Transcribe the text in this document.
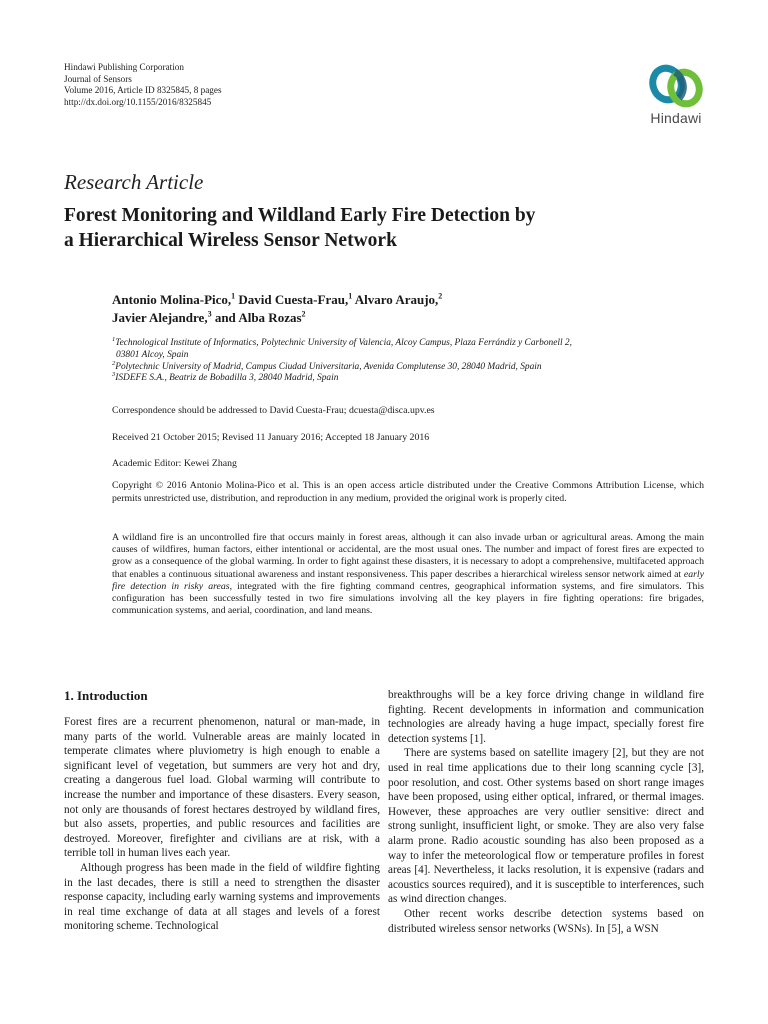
Hindawi Publishing Corporation
Journal of Sensors
Volume 2016, Article ID 8325845, 8 pages
http://dx.doi.org/10.1155/2016/8325845
Hindawi
Research Article
Forest Monitoring and Wildland Early Fire Detection by
a Hierarchical Wireless Sensor Network
Antonio Molina-Pico,$^1$ David Cuesta-Frau,$^1$ Alvaro Araujo,$^2$
Javier Alejandre,$^3$ and Alba Rozas$^2$

$^1$Technological Institute of Informatics, Polytechnic University of Valencia, Alcoy Campus, Plaza Ferrándiz y Carbonell 2,
03801 Alcoy, Spain

$^2$Polytechnic University of Madrid, Campus Ciudad Universitaria, Avenida Complutense 30, 28040 Madrid, Spain

$^3$ISDEFE S.A., Beatriz de Bobadilla 3, 28040 Madrid, Spain

Correspondence should be addressed to David Cuesta-Frau; dcuesta@disca.upv.es
Received 21 October 2015; Revised 11 January 2016; Accepted 18 January 2016
Academic Editor: Kewei Zhang
Copyright © 2016 Antonio Molina-Pico et al. This is an open access article distributed under the Creative Commons Attribution License, which permits unrestricted use, distribution, and reproduction in any medium, provided the original work is properly cited.
A wildland fire is an uncontrolled fire that occurs mainly in forest areas, although it can also invade urban or agricultural areas. Among the main causes of wildfires, human factors, either intentional or accidental, are the most usual ones. The number and impact of forest fires are expected to grow as a consequence of the global warming. In order to fight against these disasters, it is necessary to adopt a comprehensive, multifaceted approach that enables a continuous situational awareness and instant responsiveness. This paper describes a hierarchical wireless sensor network aimed at early fire detection in risky areas, integrated with the fire fighting command centres, geographical information systems, and fire simulators. This configuration has been successfully tested in two fire simulations involving all the key players in fire fighting operations: fire brigades, communication systems, and aerial, coordination, and land means.
1. Introduction

Forest fires are a recurrent phenomenon, natural or man-made, in many parts of the world. Vulnerable areas are mainly located in temperate climates where pluviometry is high enough to enable a significant level of vegetation, but summers are very hot and dry, creating a dangerous fuel load. Global warming will contribute to increase the number and importance of these disasters. Every season, not only are thousands of forest hectares destroyed by wildland fires, but also assets, properties, and public resources and facilities are destroyed. Moreover, firefighter and civilians are at risk, with a terrible toll in human lives each year.

Although progress has been made in the field of wildfire fighting in the last decades, there is still a need to strengthen the disaster response capacity, including early warning systems and improvements in real time exchange of data at all stages and levels of a forest monitoring scheme. Technological

breakthroughs will be a key force driving change in wildland fire fighting. Recent developments in information and communication technologies are already having a huge impact, specially forest fire detection systems [1].

There are systems based on satellite imagery [2], but they are not used in real time applications due to their long scanning cycle [3], poor resolution, and cost. Other systems based on short range images have been proposed, using either optical, infrared, or thermal images. However, these approaches are very outlier sensitive: direct and strong sunlight, insufficient light, or smoke. They are also very false alarm prone. Radio acoustic sounding has also been proposed as a way to infer the meteorological flow or temperature profiles in forest areas [4]. Nevertheless, it lacks resolution, it is expensive (radars and acoustics sources required), and it is susceptible to interferences, such as wind direction changes.

Other recent works describe detection systems based on distributed wireless sensor networks (WSNs). In [5], a WSN
